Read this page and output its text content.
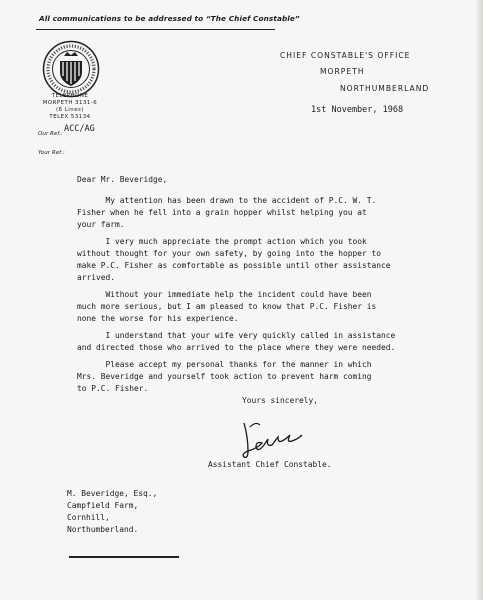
All communications to be addressed to “The Chief Constable”
TELEPHONE
MORPETH 3131-6
(6 Lines)
TELEX 53134
ACC/AG
Our Ref.:
Your Ref.:
CHIEF CONSTABLE'S OFFICE
MORPETH
NORTHUMBERLAND
1st November, 1968
Dear Mr. Beveridge,
My attention has been drawn to the accident of P.C. W. T.
Fisher when he fell into a grain hopper whilst helping you at
your farm.
I very much appreciate the prompt action which you took
without thought for your own safety, by going into the hopper to
make P.C. Fisher as comfortable as possible until other assistance
arrived.
Without your immediate help the incident could have been
much more serious, but I am pleased to know that P.C. Fisher is
none the worse for his experience.
I understand that your wife very quickly called in assistance
and directed those who arrived to the place where they were needed.
Please accept my personal thanks for the manner in which
Mrs. Beveridge and yourself took action to prevent harm coming
to P.C. Fisher.
Yours sincerely,
Assistant Chief Constable.
M. Beveridge, Esq.,
Campfield Farm,
Cornhill,
Northumberland.
